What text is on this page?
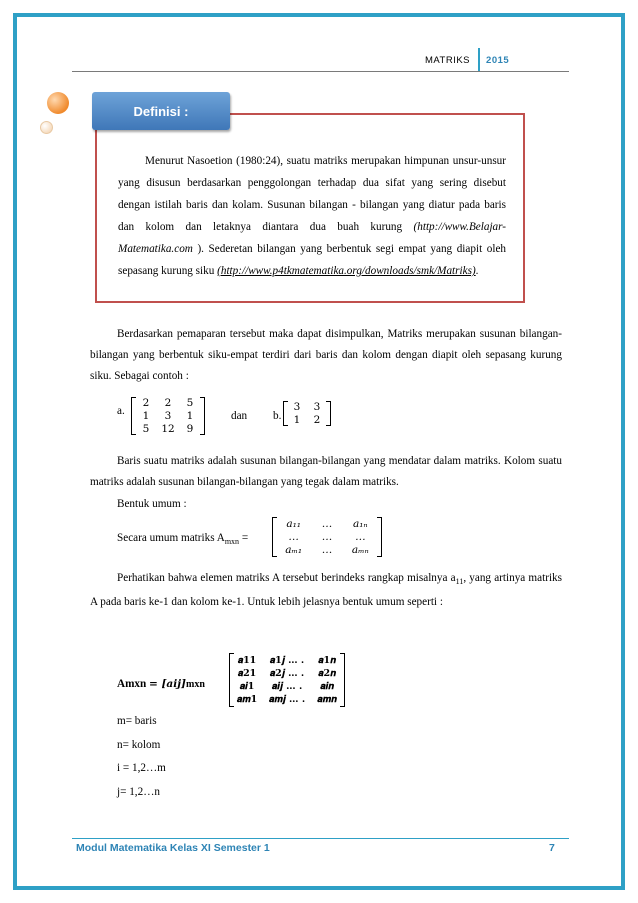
MATRIKS	2015
Definisi :

Menurut Nasoetion (1980:24), suatu matriks merupakan himpunan unsur-unsur yang disusun berdasarkan penggolongan terhadap dua sifat yang sering disebut dengan istilah baris dan kolam. Susunan bilangan - bilangan yang diatur pada baris dan kolom dan letaknya diantara dua buah kurung (http://www.Belajar-Matematika.com ). Sederetan bilangan yang berbentuk segi empat yang diapit oleh sepasang kurung siku (http://www.p4tkmatematika.org/downloads/smk/Matriks).

Berdasarkan pemaparan tersebut maka dapat disimpulkan, Matriks merupakan susunan bilangan-bilangan yang berbentuk siku-empat terdiri dari baris dan kolom dengan diapit oleh sepasang kurung siku. Sebagai contoh :
a.
2	2	5
1	3	1
5	12	9
dan b.
3	3
1	2
Baris suatu matriks adalah susunan bilangan-bilangan yang mendatar dalam matriks. Kolom suatu matriks adalah susunan bilangan-bilangan yang tegak dalam matriks.
Bentuk umum :
Secara umum matriks $A_{mxn}$ =
𝑎₁₁	…	𝑎₁ₙ
…	…	…
𝑎ₘ₁	…	𝑎ₘₙ
Perhatikan bahwa elemen matriks A tersebut berindeks rangkap misalnya $a_{11}$, yang artinya matriks A pada baris ke-1 dan kolom ke-1. Untuk lebih jelasnya bentuk umum seperti :
Amxn = [𝒂𝒊𝒋]mxn
𝒂𝟏𝟏	𝒂𝟏𝒋 … .	𝒂𝟏𝒏
𝒂𝟐𝟏	𝒂𝟐𝒋 … .	𝒂𝟐𝒏
𝒂𝒊𝟏	𝒂𝒊𝒋 … .	𝒂𝒊𝒏
𝒂𝒎𝟏	𝒂𝒎𝒋 … .	𝒂𝒎𝒏
m= baris
n= kolom
i = 1,2…m
j= 1,2…n
Modul Matematika Kelas XI Semester 1	7
